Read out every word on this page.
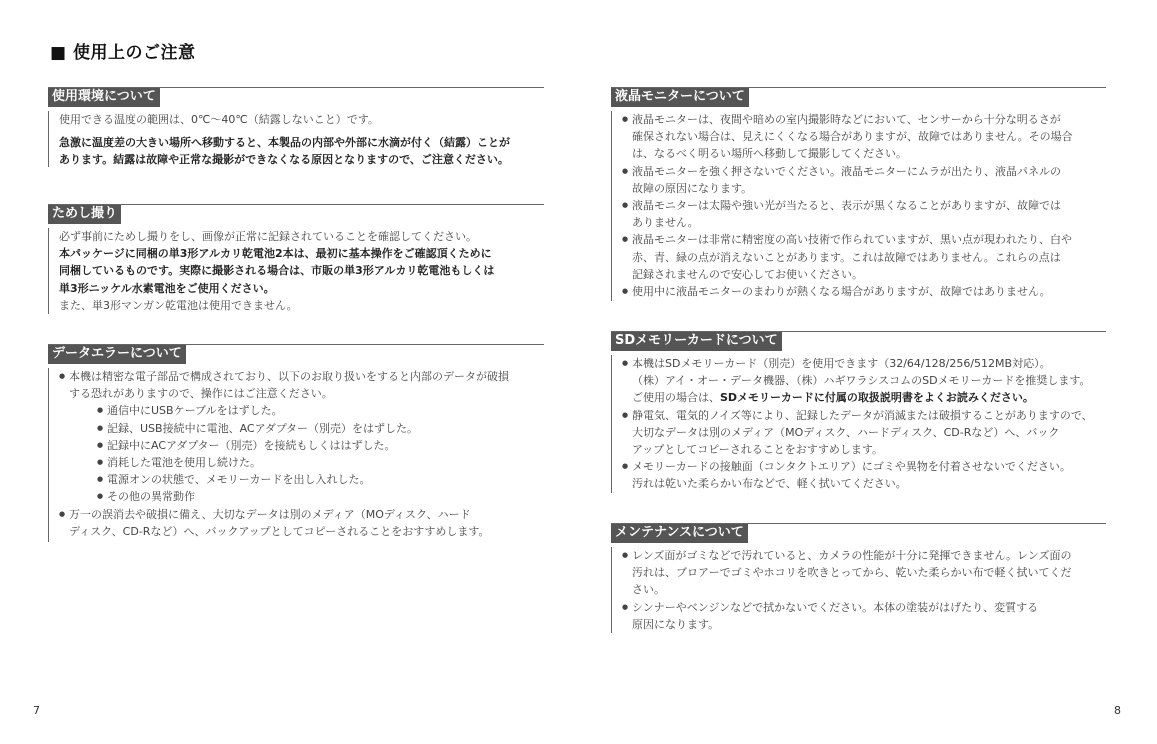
■ 使用上のご注意
使用環境について

使用できる温度の範囲は、0℃～40℃（結露しないこと）です。

急激に温度差の大きい場所へ移動すると、本製品の内部や外部に水滴が付く（結露）ことが

あります。結露は故障や正常な撮影ができなくなる原因となりますので、ご注意ください。

ためし撮り

必ず事前にためし撮りをし、画像が正常に記録されていることを確認してください。

本パッケージに同梱の単3形アルカリ乾電池2本は、最初に基本操作をご確認頂くために

同梱しているものです。実際に撮影される場合は、市販の単3形アルカリ乾電池もしくは

単3形ニッケル水素電池をご使用ください。

また、単3形マンガン乾電池は使用できません。

データエラーについて
● 本機は精密な電子部品で構成されており、以下のお取り扱いをすると内部のデータが破損
する恐れがありますので、操作にはご注意ください。
● 通信中にUSBケーブルをはずした。
● 記録、USB接続中に電池、ACアダプター（別売）をはずした。
● 記録中にACアダプター（別売）を接続もしくははずした。
● 消耗した電池を使用し続けた。
● 電源オンの状態で、メモリーカードを出し入れした。
● その他の異常動作
● 万一の誤消去や破損に備え、大切なデータは別のメディア（MOディスク、ハード
ディスク、CD-Rなど）へ、バックアップとしてコピーされることをおすすめします。
液晶モニターについて
● 液晶モニターは、夜間や暗めの室内撮影時などにおいて、センサーから十分な明るさが
確保されない場合は、見えにくくなる場合がありますが、故障ではありません。その場合
は、なるべく明るい場所へ移動して撮影してください。
● 液晶モニターを強く押さないでください。液晶モニターにムラが出たり、液晶パネルの
故障の原因になります。
● 液晶モニターは太陽や強い光が当たると、表示が黒くなることがありますが、故障では
ありません。
● 液晶モニターは非常に精密度の高い技術で作られていますが、黒い点が現われたり、白や
赤、青、緑の点が消えないことがあります。これは故障ではありません。これらの点は
記録されませんので安心してお使いください。
● 使用中に液晶モニターのまわりが熱くなる場合がありますが、故障ではありません。
SDメモリーカードについて
● 本機はSDメモリーカード（別売）を使用できます（32/64/128/256/512MB対応）。
（株）アイ・オー・データ機器、（株）ハギワラシスコムのSDメモリーカードを推奨します。
ご使用の場合は、SDメモリーカードに付属の取扱説明書をよくお読みください。
● 静電気、電気的ノイズ等により、記録したデータが消滅または破損することがありますので、
大切なデータは別のメディア（MOディスク、ハードディスク、CD-Rなど）へ、バック
アップとしてコピーされることをおすすめします。
● メモリーカードの接触面（コンタクトエリア）にゴミや異物を付着させないでください。
汚れは乾いた柔らかい布などで、軽く拭いてください。
メンテナンスについて
● レンズ面がゴミなどで汚れていると、カメラの性能が十分に発揮できません。レンズ面の
汚れは、ブロアーでゴミやホコリを吹きとってから、乾いた柔らかい布で軽く拭いてくだ
さい。
● シンナーやベンジンなどで拭かないでください。本体の塗装がはげたり、変質する
原因になります。
7	8
